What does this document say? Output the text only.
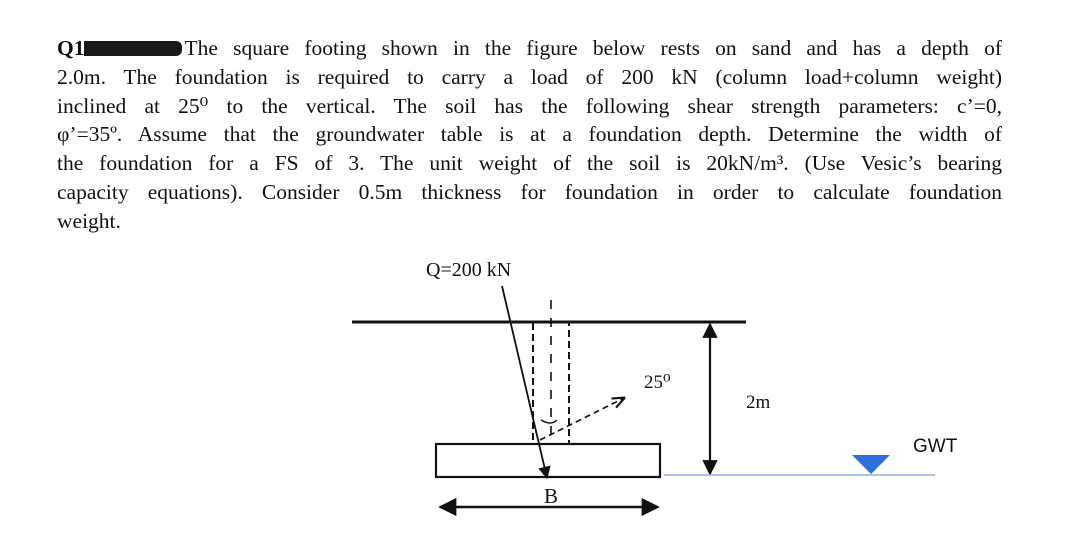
Q1	The square footing shown in the figure below rests on sand and has a depth of
2.0m. The foundation is required to carry a load of 200 kN (column load+column weight)
inclined at 25⁰ to the vertical. The soil has the following shear strength parameters: c’=0,
φ’=35º. Assume that the groundwater table is at a foundation depth. Determine the width of
the foundation for a FS of 3. The unit weight of the soil is 20kN/m³. (Use Vesic’s bearing
capacity equations). Consider 0.5m thickness for foundation in order to calculate foundation
weight.
25⁰
2m
GWT
B
Q=200 kN
